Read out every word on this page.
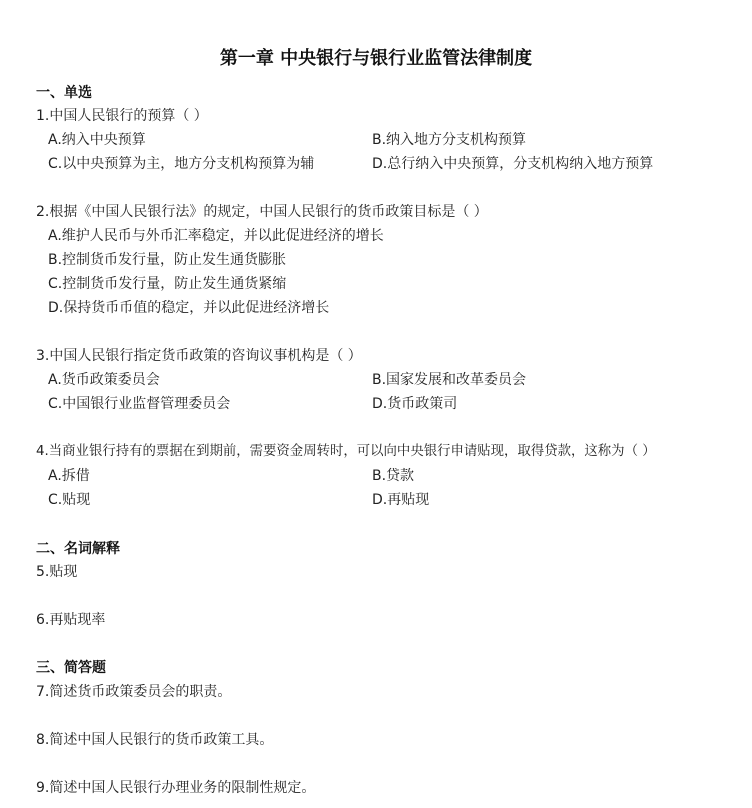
第一章 中央银行与银行业监管法律制度
一、单选
1.中国人民银行的预算（ ）
A.纳入中央预算	B.纳入地方分支机构预算
C.以中央预算为主，地方分支机构预算为辅	D.总行纳入中央预算，分支机构纳入地方预算
2.根据《中国人民银行法》的规定，中国人民银行的货币政策目标是（ ）
A.维护人民币与外币汇率稳定，并以此促进经济的增长
B.控制货币发行量，防止发生通货膨胀
C.控制货币发行量，防止发生通货紧缩
D.保持货币币值的稳定，并以此促进经济增长
3.中国人民银行指定货币政策的咨询议事机构是（ ）
A.货币政策委员会	B.国家发展和改革委员会
C.中国银行业监督管理委员会	D.货币政策司
4.当商业银行持有的票据在到期前，需要资金周转时，可以向中央银行申请贴现，取得贷款，这称为（ ）
A.拆借	B.贷款
C.贴现	D.再贴现
二、名词解释
5.贴现
6.再贴现率
三、简答题
7.简述货币政策委员会的职责。
8.简述中国人民银行的货币政策工具。
9.简述中国人民银行办理业务的限制性规定。
